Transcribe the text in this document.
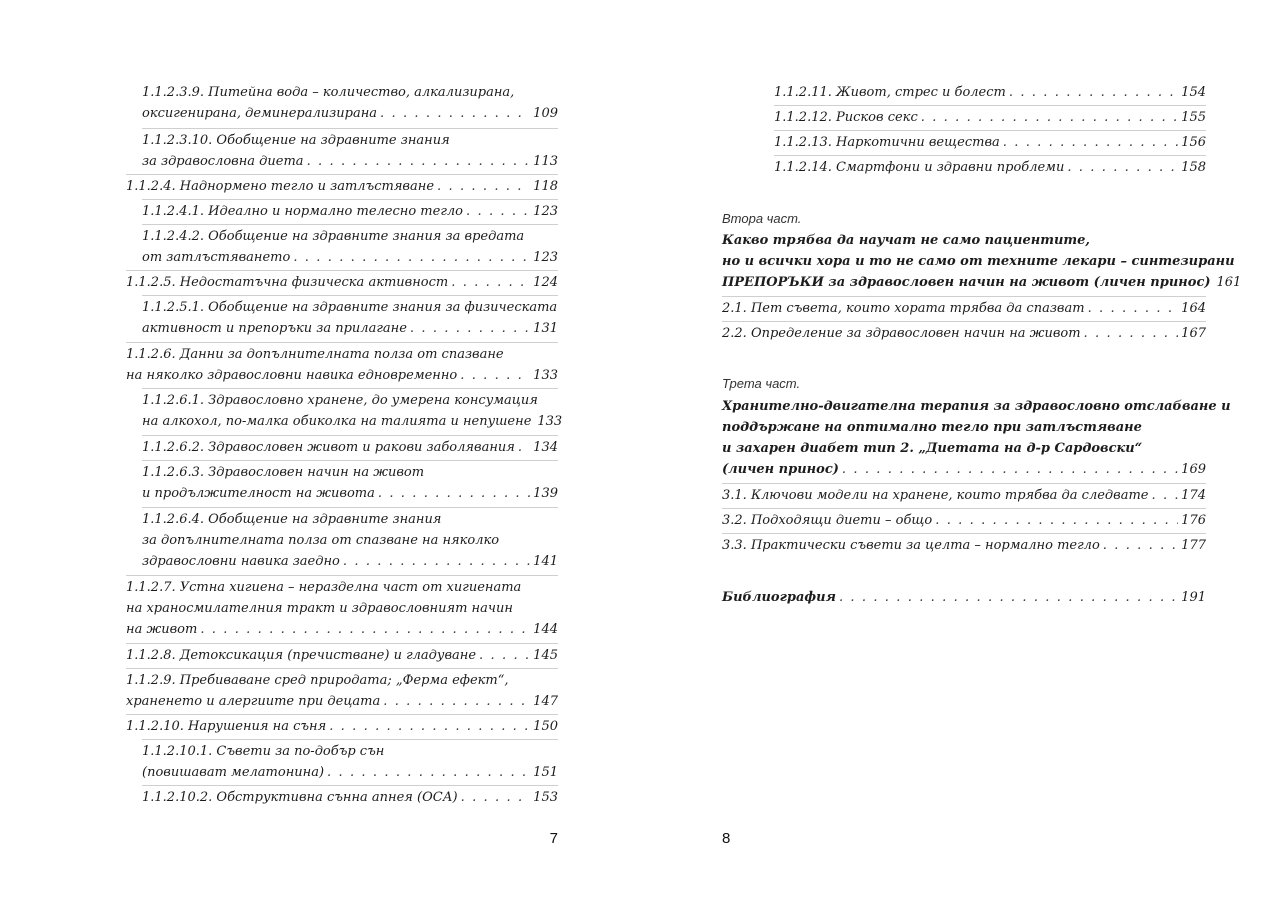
1.1.2.3.9. Питейна вода – количество, алкализирана,
оксигенирана, деминерализирана . . .	109
1.1.2.3.10. Обобщение на здравните знания
за здравословна диета . . .	113
1.1.2.4. Наднормено тегло и затлъстяване . . .	118
1.1.2.4.1. Идеално и нормално телесно тегло . . .	123
1.1.2.4.2. Обобщение на здравните знания за вредата
от затлъстяването . . .	123
1.1.2.5. Недостатъчна физическа активност . . .	124
1.1.2.5.1. Обобщение на здравните знания за физическата
активност и препоръки за прилагане . . .	131
1.1.2.6. Данни за допълнителната полза от спазване
на няколко здравословни навика едновременно . . .	133
1.1.2.6.1. Здравословно хранене, до умерена консумация
на алкохол, по-малка обиколка на талията и непушене 133
1.1.2.6.2. Здравословен живот и ракови заболявания . . . 134
1.1.2.6.3. Здравословен начин на живот
и продължителност на живота . . .	139
1.1.2.6.4. Обобщение на здравните знания
за допълнителната полза от спазване на няколко
здравословни навика заедно . . .	141
1.1.2.7. Устна хигиена – неразделна част от хигиената
на храносмилателния тракт и здравословният начин
на живот . . .	144
1.1.2.8. Детоксикация (пречистване) и гладуване . . .	145
1.1.2.9. Пребиваване сред природата; „Ферма ефект“,
храненето и алергиите при децата . . .	147
1.1.2.10. Нарушения на съня . . .	150
1.1.2.10.1. Съвети за по-добър сън
(повишават мелатонина) . . .	151
1.1.2.10.2. Обструктивна сънна апнея (ОСА) . . .	153
7
1.1.2.11. Живот, стрес и болест . . .	154
1.1.2.12. Рисков секс . . .	155
1.1.2.13. Наркотични вещества . . .	156
1.1.2.14. Смартфони и здравни проблеми . . .	158
Втора част.
Какво трябва да научат не само пациентите,
но и всички хора и то не само от техните лекари – синтезирани
ПРЕПОРЪКИ за здравословен начин на живот (личен принос) 161
2.1. Пет съвета, които хората трябва да спазват . . .	164
2.2. Определение за здравословен начин на живот . . .	167
Трета част.
Хранително-двигателна терапия за здравословно отслабване и
поддържане на оптимално тегло при затлъстяване
и захарен диабет тип 2. „Диетата на д-р Сардовски“
(личен принос) . . .	169
3.1. Ключови модели на хранене, които трябва да следвате . . .	174
3.2. Подходящи диети – общо . . .	176
3.3. Практически съвети за целта – нормално тегло . . .	177
Библиография . . .	191
8
